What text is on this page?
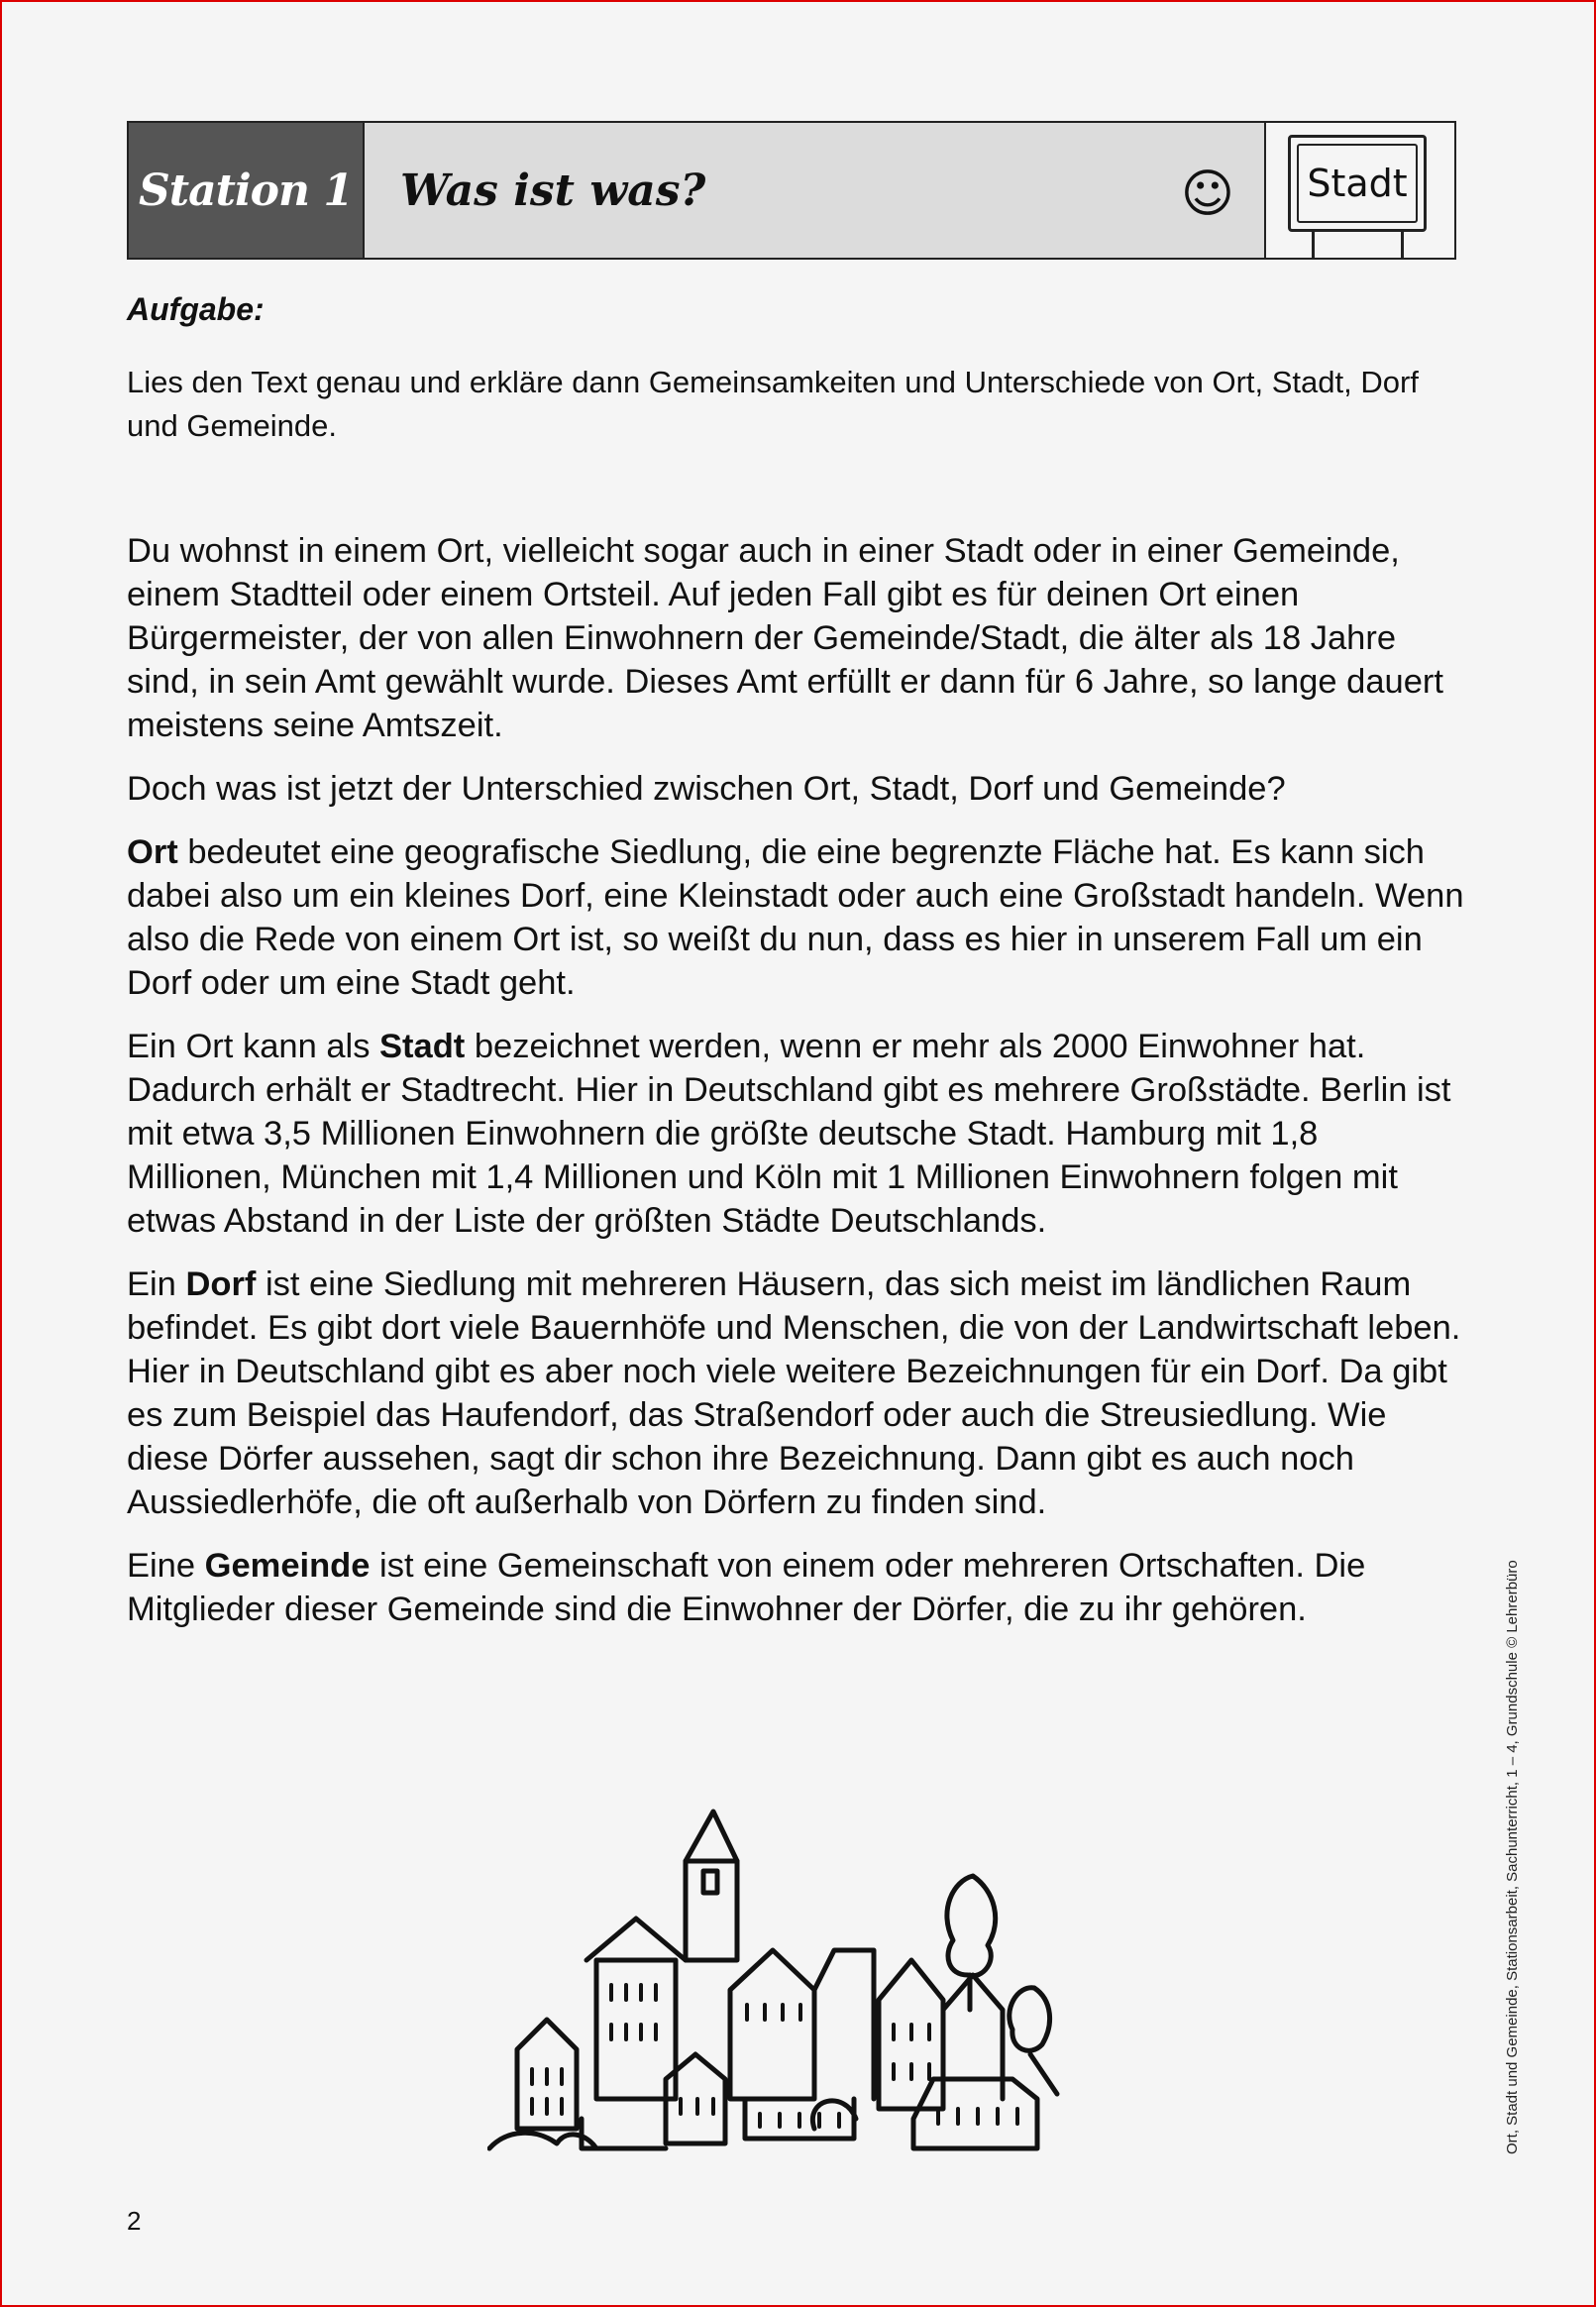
Station 1 Was ist was?	☺ Stadt
Aufgabe:
Lies den Text genau und erkläre dann Gemeinsamkeiten und Unterschiede von Ort, Stadt, Dorf und Gemeinde.

Du wohnst in einem Ort, vielleicht sogar auch in einer Stadt oder in einer Gemeinde, einem Stadtteil oder einem Ortsteil. Auf jeden Fall gibt es für deinen Ort einen Bürgermeister, der von allen Einwohnern der Gemeinde/Stadt, die älter als 18 Jahre sind, in sein Amt gewählt wurde. Dieses Amt erfüllt er dann für 6 Jahre, so lange dauert meistens seine Amtszeit.

Doch was ist jetzt der Unterschied zwischen Ort, Stadt, Dorf und Gemeinde?

Ort bedeutet eine geografische Siedlung, die eine begrenzte Fläche hat. Es kann sich dabei also um ein kleines Dorf, eine Kleinstadt oder auch eine Großstadt handeln. Wenn also die Rede von einem Ort ist, so weißt du nun, dass es hier in unserem Fall um ein Dorf oder um eine Stadt geht.

Ein Ort kann als Stadt bezeichnet werden, wenn er mehr als 2000 Einwohner hat. Dadurch erhält er Stadtrecht. Hier in Deutschland gibt es mehrere Großstädte. Berlin ist mit etwa 3,5 Millionen Einwohnern die größte deutsche Stadt. Hamburg mit 1,8 Millionen, München mit 1,4 Millionen und Köln mit 1 Millionen Einwohnern folgen mit etwas Abstand in der Liste der größten Städte Deutschlands.

Ein Dorf ist eine Siedlung mit mehreren Häusern, das sich meist im ländlichen Raum befindet. Es gibt dort viele Bauernhöfe und Menschen, die von der Landwirtschaft leben. Hier in Deutschland gibt es aber noch viele weitere Bezeichnungen für ein Dorf. Da gibt es zum Beispiel das Haufendorf, das Straßendorf oder auch die Streusiedlung. Wie diese Dörfer aussehen, sagt dir schon ihre Bezeichnung. Dann gibt es auch noch Aussiedlerhöfe, die oft außerhalb von Dörfern zu finden sind.

Eine Gemeinde ist eine Gemeinschaft von einem oder mehreren Ortschaften. Die Mitglieder dieser Gemeinde sind die Einwohner der Dörfer, die zu ihr gehören.	Ort, Stadt und Gemeinde, Stationsarbeit, Sachunterricht, 1 – 4, Grundschule © Lehrerbüro
2
